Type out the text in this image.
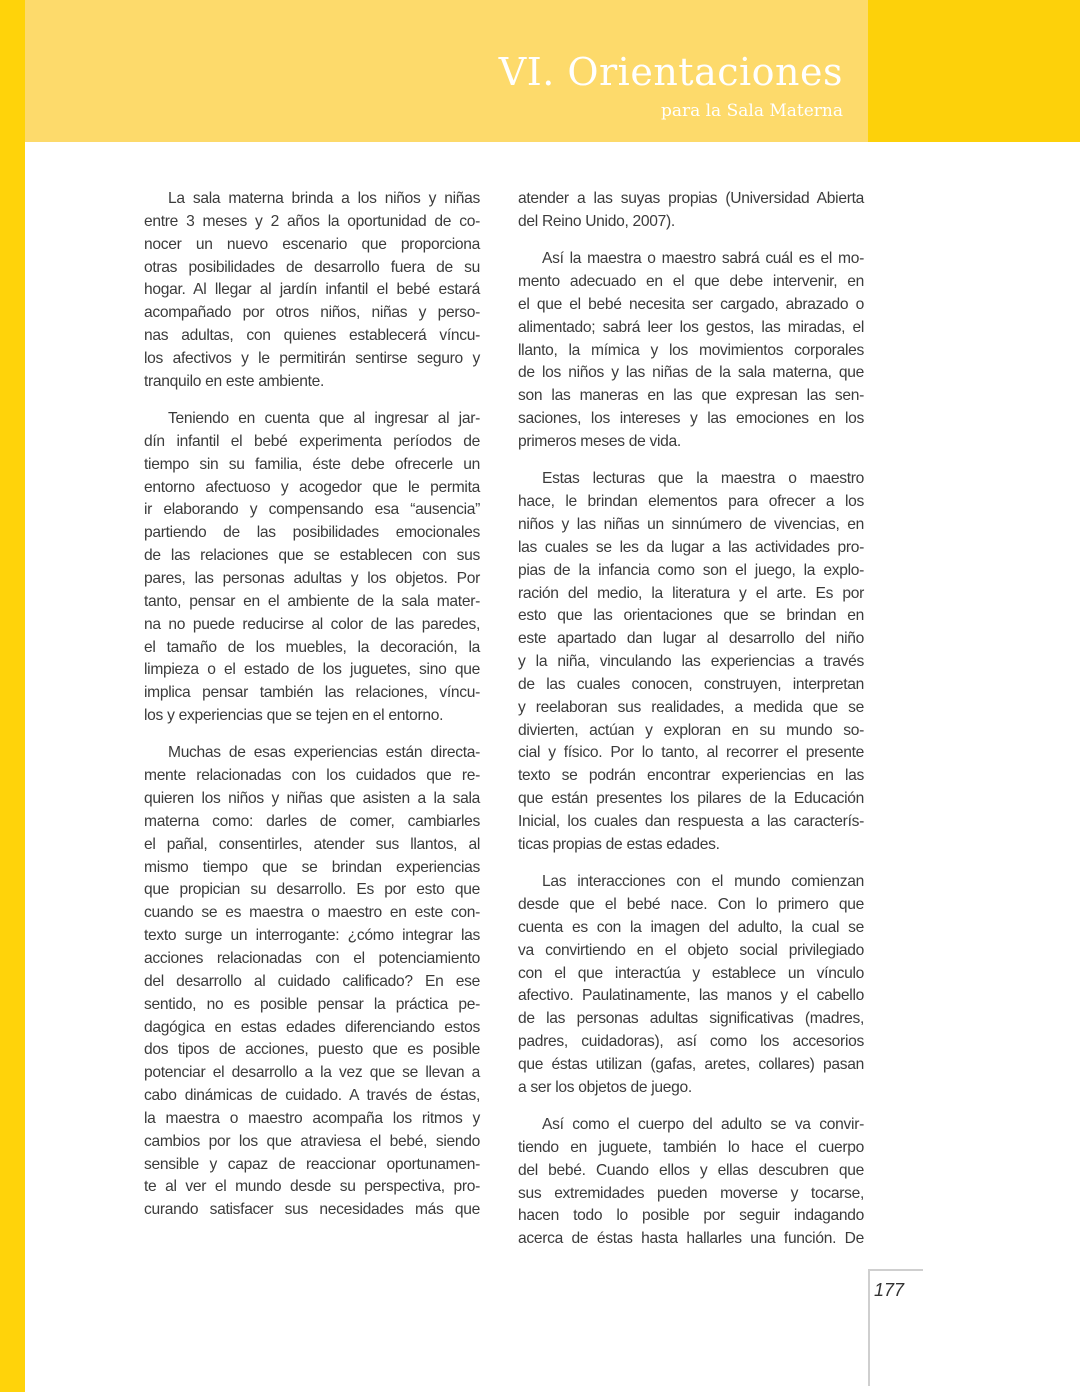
VI. Orientaciones
para la Sala Materna
La sala materna brinda a los niños y niñas
entre 3 meses y 2 años la oportunidad de co-
nocer un nuevo escenario que proporciona
otras posibilidades de desarrollo fuera de su
hogar. Al llegar al jardín infantil el bebé estará
acompañado por otros niños, niñas y perso-
nas adultas, con quienes establecerá víncu-
los afectivos y le permitirán sentirse seguro y
tranquilo en este ambiente.
Teniendo en cuenta que al ingresar al jar-
dín infantil el bebé experimenta períodos de
tiempo sin su familia, éste debe ofrecerle un
entorno afectuoso y acogedor que le permita
ir elaborando y compensando esa “ausencia”
partiendo de las posibilidades emocionales
de las relaciones que se establecen con sus
pares, las personas adultas y los objetos. Por
tanto, pensar en el ambiente de la sala mater-
na no puede reducirse al color de las paredes,
el tamaño de los muebles, la decoración, la
limpieza o el estado de los juguetes, sino que
implica pensar también las relaciones, víncu-
los y experiencias que se tejen en el entorno.
Muchas de esas experiencias están directa-
mente relacionadas con los cuidados que re-
quieren los niños y niñas que asisten a la sala
materna como: darles de comer, cambiarles
el pañal, consentirles, atender sus llantos, al
mismo tiempo que se brindan experiencias
que propician su desarrollo. Es por esto que
cuando se es maestra o maestro en este con-
texto surge un interrogante: ¿cómo integrar las
acciones relacionadas con el potenciamiento
del desarrollo al cuidado calificado? En ese
sentido, no es posible pensar la práctica pe-
dagógica en estas edades diferenciando estos
dos tipos de acciones, puesto que es posible
potenciar el desarrollo a la vez que se llevan a
cabo dinámicas de cuidado. A través de éstas,
la maestra o maestro acompaña los ritmos y
cambios por los que atraviesa el bebé, siendo
sensible y capaz de reaccionar oportunamen-
te al ver el mundo desde su perspectiva, pro-
curando satisfacer sus necesidades más que
atender a las suyas propias (Universidad Abierta
del Reino Unido, 2007).
Así la maestra o maestro sabrá cuál es el mo-
mento adecuado en el que debe intervenir, en
el que el bebé necesita ser cargado, abrazado o
alimentado; sabrá leer los gestos, las miradas, el
llanto, la mímica y los movimientos corporales
de los niños y las niñas de la sala materna, que
son las maneras en las que expresan las sen-
saciones, los intereses y las emociones en los
primeros meses de vida.
Estas lecturas que la maestra o maestro
hace, le brindan elementos para ofrecer a los
niños y las niñas un sinnúmero de vivencias, en
las cuales se les da lugar a las actividades pro-
pias de la infancia como son el juego, la explo-
ración del medio, la literatura y el arte. Es por
esto que las orientaciones que se brindan en
este apartado dan lugar al desarrollo del niño
y la niña, vinculando las experiencias a través
de las cuales conocen, construyen, interpretan
y reelaboran sus realidades, a medida que se
divierten, actúan y exploran en su mundo so-
cial y físico. Por lo tanto, al recorrer el presente
texto se podrán encontrar experiencias en las
que están presentes los pilares de la Educación
Inicial, los cuales dan respuesta a las caracterís-
ticas propias de estas edades.
Las interacciones con el mundo comienzan
desde que el bebé nace. Con lo primero que
cuenta es con la imagen del adulto, la cual se
va convirtiendo en el objeto social privilegiado
con el que interactúa y establece un vínculo
afectivo. Paulatinamente, las manos y el cabello
de las personas adultas significativas (madres,
padres, cuidadoras), así como los accesorios
que éstas utilizan (gafas, aretes, collares) pasan
a ser los objetos de juego.
Así como el cuerpo del adulto se va convir-
tiendo en juguete, también lo hace el cuerpo
del bebé. Cuando ellos y ellas descubren que
sus extremidades pueden moverse y tocarse,
hacen todo lo posible por seguir indagando
acerca de éstas hasta hallarles una función. De
177
